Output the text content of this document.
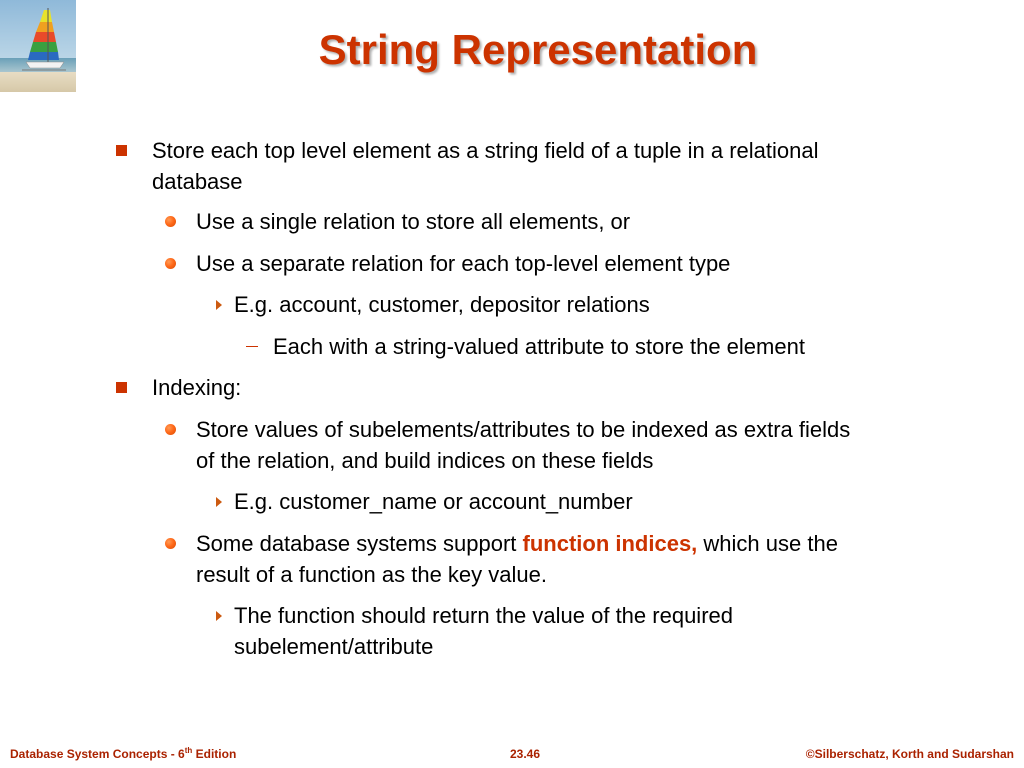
String Representation
Store each top level element as a string field of a tuple in a relational
database
Use a single relation to store all elements, or
Use a separate relation for each top-level element type
E.g. account, customer, depositor relations
Each with a string-valued attribute to store the element
Indexing:
Store values of subelements/attributes to be indexed as extra fields
of the relation, and build indices on these fields
E.g. customer_name or account_number
Some database systems support function indices, which use the
result of a function as the key value.
The function should return the value of the required
subelement/attribute
Database System Concepts - 6th Edition	23.46	©Silberschatz, Korth and Sudarshan
